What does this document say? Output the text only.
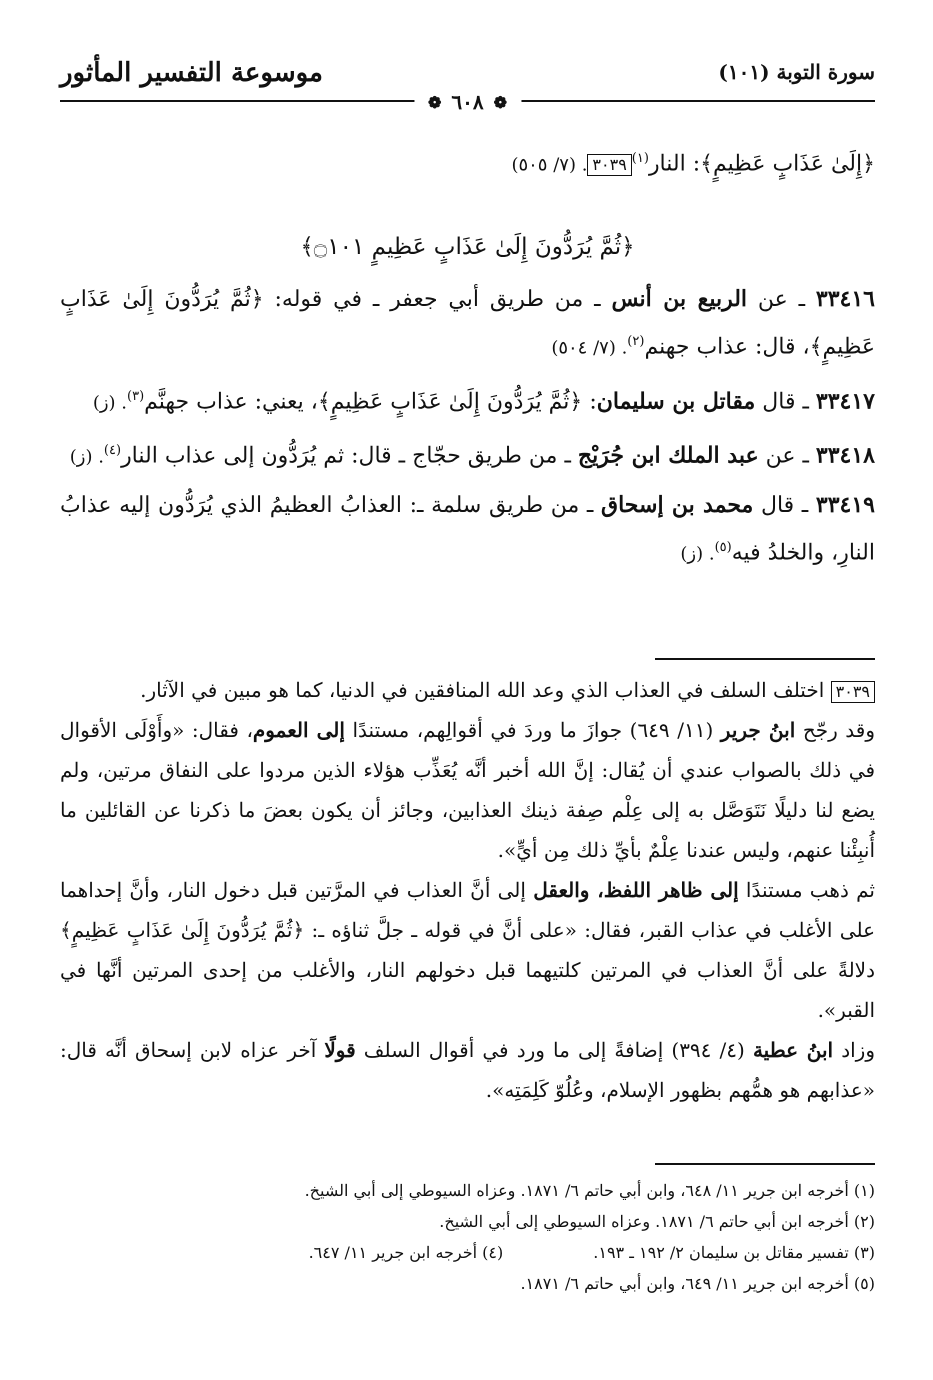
موسوعة التفسير المأثور	سورة التوبة (١٠١)
❁
٦٠٨
❁

﴿إِلَىٰ عَذَابٍ عَظِيمٍ﴾: النار$^{(١)}$٣٠٣٩. (٧/ ٥٠٥)

﴿ثُمَّ يُرَدُّونَ إِلَىٰ عَذَابٍ عَظِيمٍ ۝١٠١﴾

٣٣٤١٦ ـ عن الربيع بن أنس ـ من طريق أبي جعفر ـ في قوله: ﴿ثُمَّ يُرَدُّونَ إِلَىٰ عَذَابٍ عَظِيمٍ﴾، قال: عذاب جهنم$^{(٢)}$. (٧/ ٥٠٤)

٣٣٤١٧ ـ قال مقاتل بن سليمان: ﴿ثُمَّ يُرَدُّونَ إِلَىٰ عَذَابٍ عَظِيمٍ﴾، يعني: عذاب جهنَّم$^{(٣)}$. (ز)

٣٣٤١٨ ـ عن عبد الملك ابن جُرَيْج ـ من طريق حجّاج ـ قال: ثم يُرَدُّون إلى عذاب النار$^{(٤)}$. (ز)

٣٣٤١٩ ـ قال محمد بن إسحاق ـ من طريق سلمة ـ: العذابُ العظيمُ الذي يُرَدُّون إليه عذابُ النارِ، والخلدُ فيه$^{(٥)}$. (ز)

٣٠٣٩ اختلف السلف في العذاب الذي وعد الله المنافقين في الدنيا، كما هو مبين في الآثار.

وقد رجّح ابنُ جرير (١١/ ٦٤٩) جوازَ ما وردَ في أقوالِهم، مستندًا إلى العموم، فقال: «وأَوْلَى الأقوال في ذلك بالصواب عندي أن يُقال: إنَّ الله أخبر أنَّه يُعَذِّب هؤلاء الذين مردوا على النفاق مرتين، ولم يضع لنا دليلًا نَتَوَصَّل به إلى عِلْم صِفة ذينك العذابين، وجائز أن يكون بعضَ ما ذكرنا عن القائلين ما أُنبِئْنا عنهم، وليس عندنا عِلْمٌ بأيِّ ذلك مِن أيٍّ».

ثم ذهب مستندًا إلى ظاهر اللفظ، والعقل إلى أنَّ العذاب في المرَّتين قبل دخول النار، وأنَّ إحداهما على الأغلب في عذاب القبر، فقال: «على أنَّ في قوله ـ جلَّ ثناؤه ـ: ﴿ثُمَّ يُرَدُّونَ إِلَىٰ عَذَابٍ عَظِيمٍ﴾ دلالةً على أنَّ العذاب في المرتين كلتيهما قبل دخولهم النار، والأغلب من إحدى المرتين أنَّها في القبر».

وزاد ابنُ عطية (٤/ ٣٩٤) إضافةً إلى ما ورد في أقوال السلف قولًا آخر عزاه لابن إسحاق أنَّه قال: «عذابهم هو همُّهم بظهور الإسلام، وعُلُوّ كَلِمَتِه».

(١) أخرجه ابن جرير ١١/ ٦٤٨، وابن أبي حاتم ٦/ ١٨٧١. وعزاه السيوطي إلى أبي الشيخ.

(٢) أخرجه ابن أبي حاتم ٦/ ١٨٧١. وعزاه السيوطي إلى أبي الشيخ.

(٣) تفسير مقاتل بن سليمان ٢/ ١٩٢ ـ ١٩٣.

(٤) أخرجه ابن جرير ١١/ ٦٤٧.

(٥) أخرجه ابن جرير ١١/ ٦٤٩، وابن أبي حاتم ٦/ ١٨٧١.
